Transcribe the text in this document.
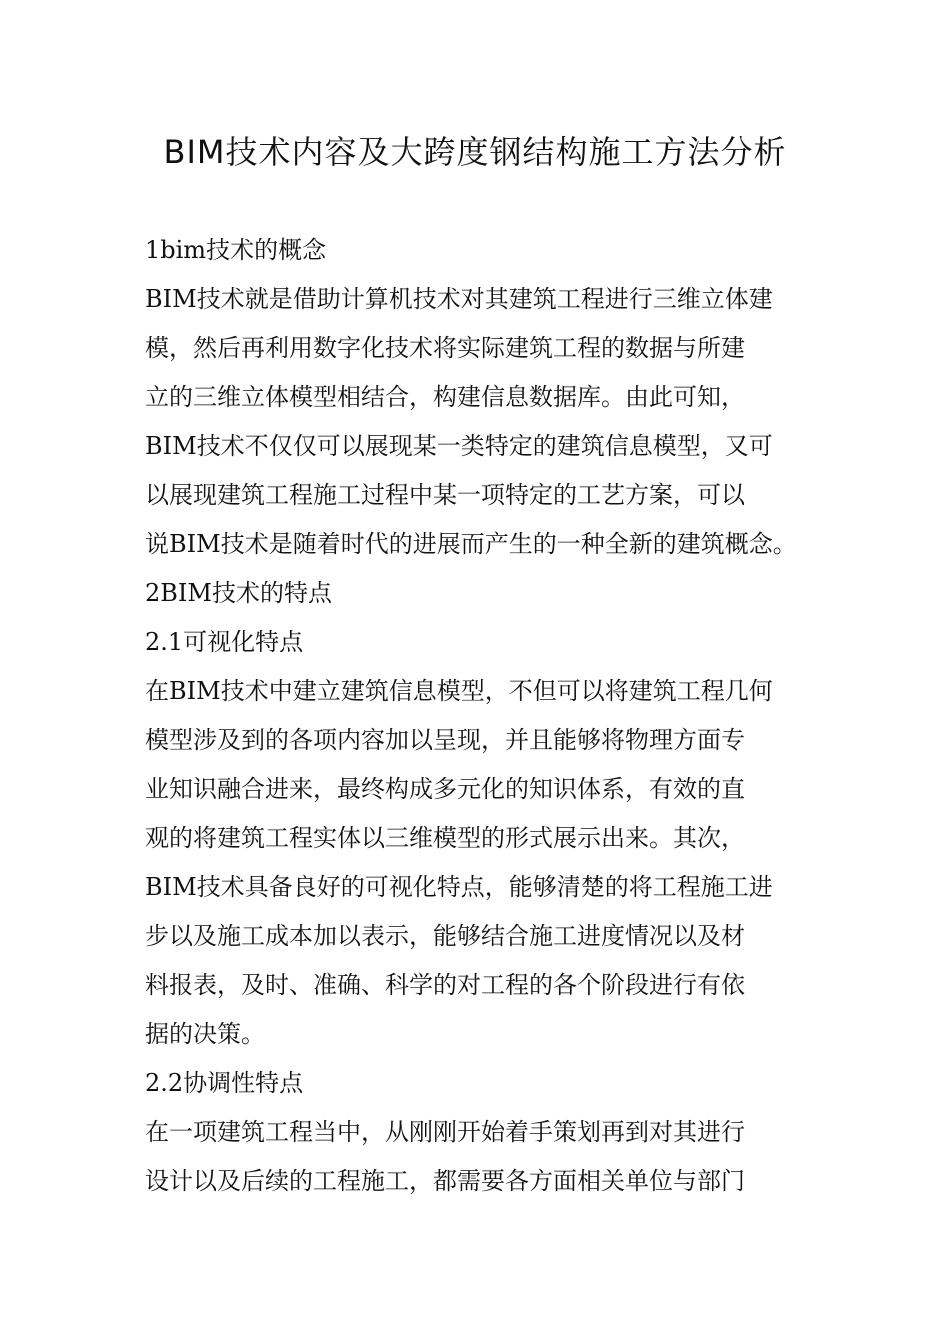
BIM技术内容及大跨度钢结构施工方法分析
1bim技术的概念
BIM技术就是借助计算机技术对其建筑工程进行三维立体建
模，然后再利用数字化技术将实际建筑工程的数据与所建
立的三维立体模型相结合，构建信息数据库。由此可知，
BIM技术不仅仅可以展现某一类特定的建筑信息模型，又可
以展现建筑工程施工过程中某一项特定的工艺方案，可以
说BIM技术是随着时代的进展而产生的一种全新的建筑概念。
2BIM技术的特点
2.1可视化特点
在BIM技术中建立建筑信息模型，不但可以将建筑工程几何
模型涉及到的各项内容加以呈现，并且能够将物理方面专
业知识融合进来，最终构成多元化的知识体系，有效的直
观的将建筑工程实体以三维模型的形式展示出来。其次，
BIM技术具备良好的可视化特点，能够清楚的将工程施工进
步以及施工成本加以表示，能够结合施工进度情况以及材
料报表，及时、准确、科学的对工程的各个阶段进行有依
据的决策。
2.2协调性特点
在一项建筑工程当中，从刚刚开始着手策划再到对其进行
设计以及后续的工程施工，都需要各方面相关单位与部门
